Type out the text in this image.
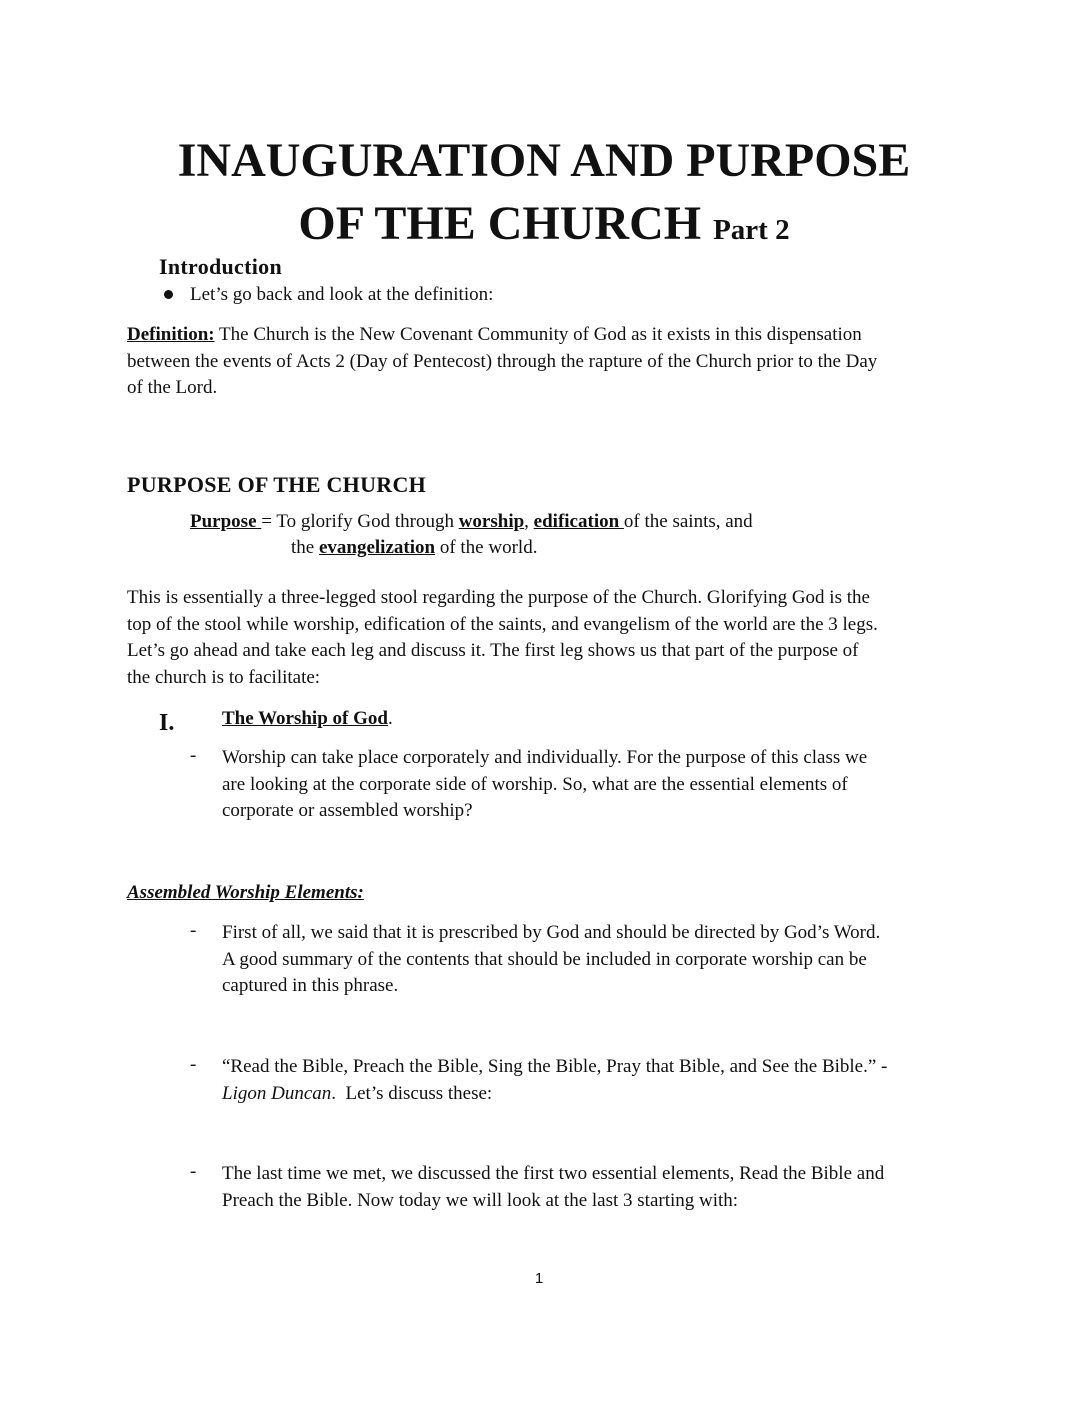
INAUGURATION AND PURPOSE
OF THE CHURCH Part 2
Introduction
Let’s go back and look at the definition:
Definition: The Church is the New Covenant Community of God as it exists in this dispensation
between the events of Acts 2 (Day of Pentecost) through the rapture of the Church prior to the Day
of the Lord.
PURPOSE OF THE CHURCH
Purpose = To glorify God through worship, edification of the saints, and
the evangelization of the world.
This is essentially a three-legged stool regarding the purpose of the Church. Glorifying God is the
top of the stool while worship, edification of the saints, and evangelism of the world are the 3 legs.
Let’s go ahead and take each leg and discuss it. The first leg shows us that part of the purpose of
the church is to facilitate:
I.	The Worship of God.
- Worship can take place corporately and individually. For the purpose of this class we
are looking at the corporate side of worship. So, what are the essential elements of
corporate or assembled worship?
Assembled Worship Elements:
- First of all, we said that it is prescribed by God and should be directed by God’s Word.
A good summary of the contents that should be included in corporate worship can be
captured in this phrase.
- “Read the Bible, Preach the Bible, Sing the Bible, Pray that Bible, and See the Bible.” -
Ligon Duncan.  Let’s discuss these:
- The last time we met, we discussed the first two essential elements, Read the Bible and
Preach the Bible. Now today we will look at the last 3 starting with:
1
